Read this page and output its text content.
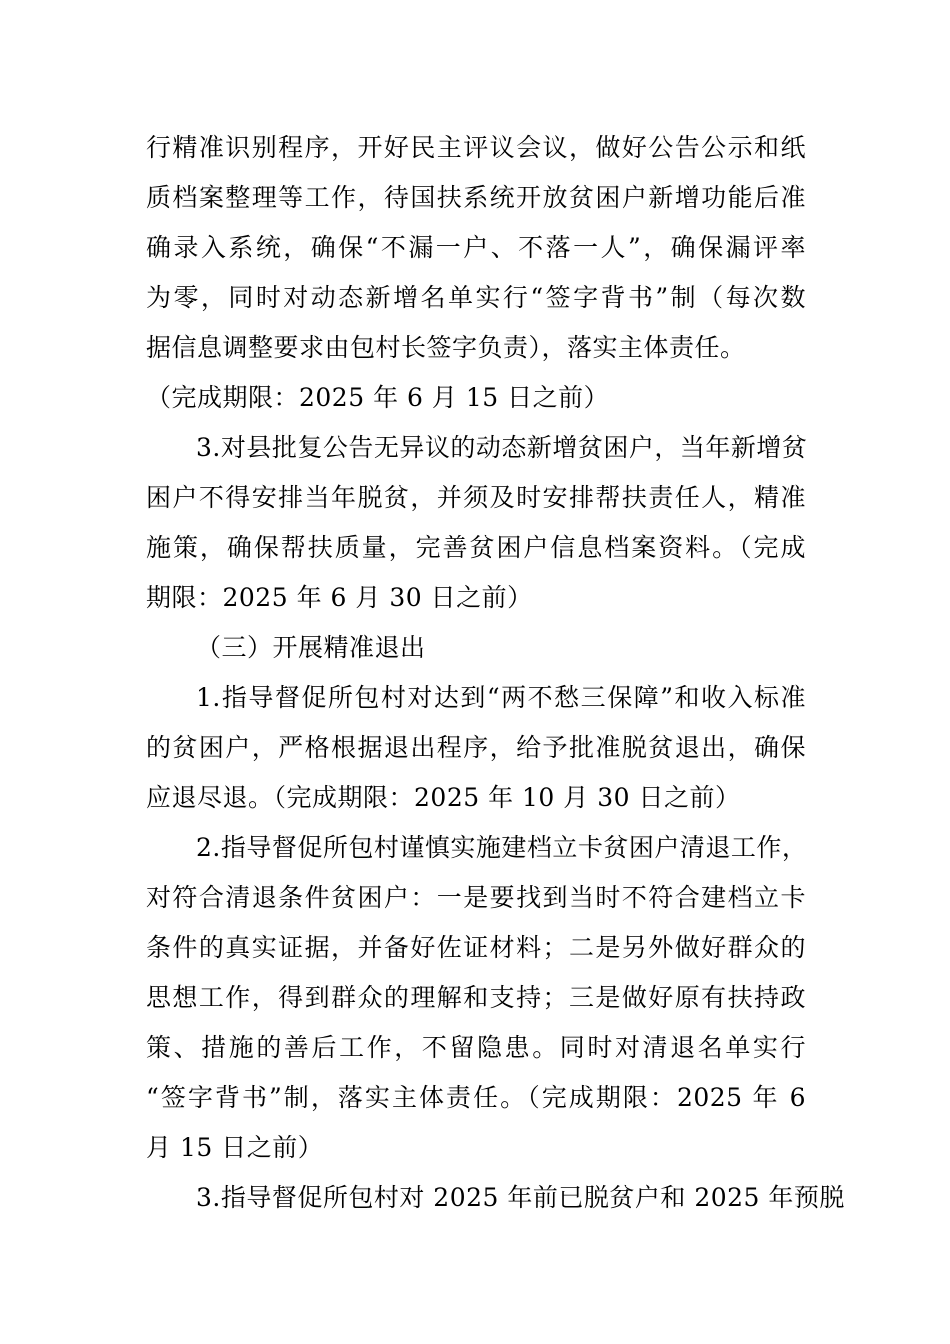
行精准识别程序，开好民主评议会议，做好公告公示和纸
质档案整理等工作，待国扶系统开放贫困户新增功能后准
确录入系统，确保“不漏一户、不落一人”，确保漏评率
为零，同时对动态新增名单实行“签字背书”制（每次数
据信息调整要求由包村长签字负责），落实主体责任。
（完成期限：2025 年 6 月 15 日之前）
3.对县批复公告无异议的动态新增贫困户，当年新增贫
困户不得安排当年脱贫，并须及时安排帮扶责任人，精准
施策，确保帮扶质量，完善贫困户信息档案资料。（完成
期限：2025 年 6 月 30 日之前）
（三）开展精准退出
1.指导督促所包村对达到“两不愁三保障”和收入标准
的贫困户，严格根据退出程序，给予批准脱贫退出，确保
应退尽退。（完成期限：2025 年 10 月 30 日之前）
2.指导督促所包村谨慎实施建档立卡贫困户清退工作，
对符合清退条件贫困户：一是要找到当时不符合建档立卡
条件的真实证据，并备好佐证材料；二是另外做好群众的
思想工作，得到群众的理解和支持；三是做好原有扶持政
策、措施的善后工作，不留隐患。同时对清退名单实行
“签字背书”制，落实主体责任。（完成期限：2025 年 6
月 15 日之前）
3.指导督促所包村对 2025 年前已脱贫户和 2025 年预脱
